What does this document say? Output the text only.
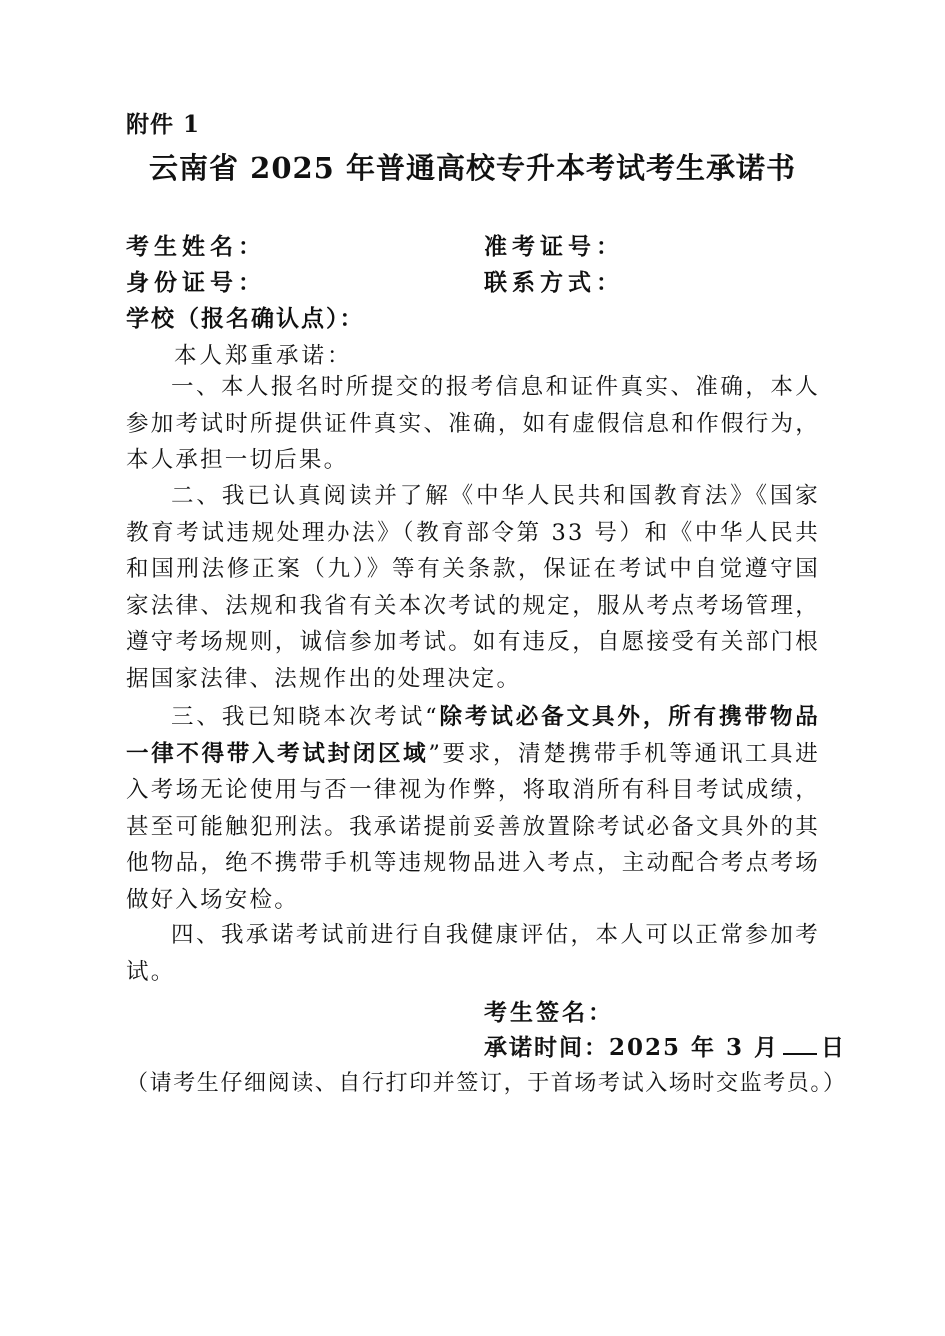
附件 1
云南省 2025 年普通高校专升本考试考生承诺书
考生姓名：	准考证号：
身份证号：	联系方式：
学校（报名确认点）：
本人郑重承诺：
一、本人报名时所提交的报考信息和证件真实、准确，本人参加考试时所提供证件真实、准确，如有虚假信息和作假行为，本人承担一切后果。
二、我已认真阅读并了解《中华人民共和国教育法》《国家教育考试违规处理办法》（教育部令第 33 号）和《中华人民共和国刑法修正案（九）》等有关条款，保证在考试中自觉遵守国家法律、法规和我省有关本次考试的规定，服从考点考场管理，遵守考场规则，诚信参加考试。如有违反，自愿接受有关部门根据国家法律、法规作出的处理决定。
三、我已知晓本次考试“除考试必备文具外，所有携带物品一律不得带入考试封闭区域”要求，清楚携带手机等通讯工具进入考场无论使用与否一律视为作弊，将取消所有科目考试成绩，甚至可能触犯刑法。我承诺提前妥善放置除考试必备文具外的其他物品，绝不携带手机等违规物品进入考点，主动配合考点考场做好入场安检。
四、我承诺考试前进行自我健康评估，本人可以正常参加考试。
考生签名：
承诺时间：2025 年 3 月 日
（请考生仔细阅读、自行打印并签订，于首场考试入场时交监考员。）
